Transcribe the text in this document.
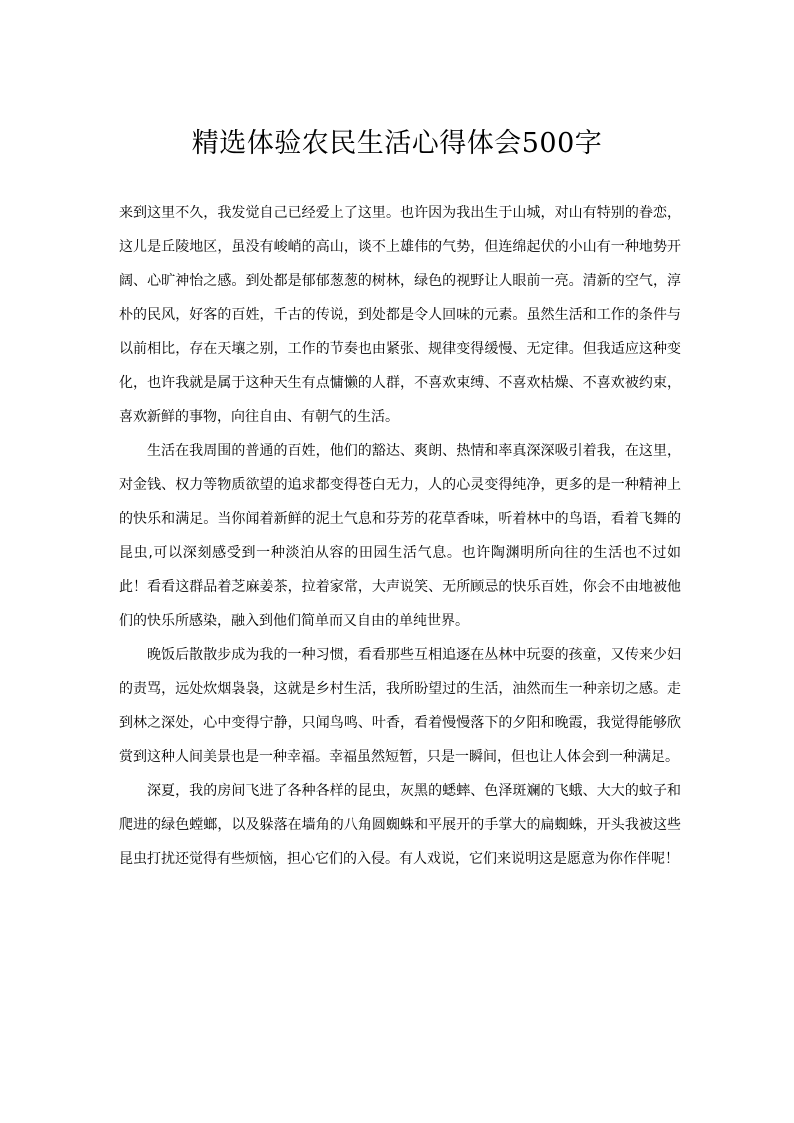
精选体验农民生活心得体会500字

来到这里不久，我发觉自己已经爱上了这里。也许因为我出生于山城，对山有特别的眷恋，这儿是丘陵地区，虽没有峻峭的高山，谈不上雄伟的气势，但连绵起伏的小山有一种地势开阔、心旷神怡之感。到处都是郁郁葱葱的树林，绿色的视野让人眼前一亮。清新的空气，淳朴的民风，好客的百姓，千古的传说，到处都是令人回味的元素。虽然生活和工作的条件与以前相比，存在天壤之别，工作的节奏也由紧张、规律变得缓慢、无定律。但我适应这种变化，也许我就是属于这种天生有点慵懒的人群，不喜欢束缚、不喜欢枯燥、不喜欢被约束，喜欢新鲜的事物，向往自由、有朝气的生活。

生活在我周围的普通的百姓，他们的豁达、爽朗、热情和率真深深吸引着我，在这里，对金钱、权力等物质欲望的追求都变得苍白无力，人的心灵变得纯净，更多的是一种精神上的快乐和满足。当你闻着新鲜的泥土气息和芬芳的花草香味，听着林中的鸟语，看着飞舞的昆虫,可以深刻感受到一种淡泊从容的田园生活气息。也许陶渊明所向往的生活也不过如此！看看这群品着芝麻姜茶，拉着家常，大声说笑、无所顾忌的快乐百姓，你会不由地被他们的快乐所感染，融入到他们简单而又自由的单纯世界。

晚饭后散散步成为我的一种习惯，看看那些互相追逐在丛林中玩耍的孩童，又传来少妇的责骂，远处炊烟袅袅，这就是乡村生活，我所盼望过的生活，油然而生一种亲切之感。走到林之深处，心中变得宁静，只闻鸟鸣、叶香，看着慢慢落下的夕阳和晚霞，我觉得能够欣赏到这种人间美景也是一种幸福。幸福虽然短暂，只是一瞬间，但也让人体会到一种满足。

深夏，我的房间飞进了各种各样的昆虫，灰黑的蟋蟀、色泽斑斓的飞蛾、大大的蚊子和爬进的绿色螳螂，以及躲落在墙角的八角圆蜘蛛和平展开的手掌大的扁蜘蛛，开头我被这些昆虫打扰还觉得有些烦恼，担心它们的入侵。有人戏说，它们来说明这是愿意为你作伴呢！
